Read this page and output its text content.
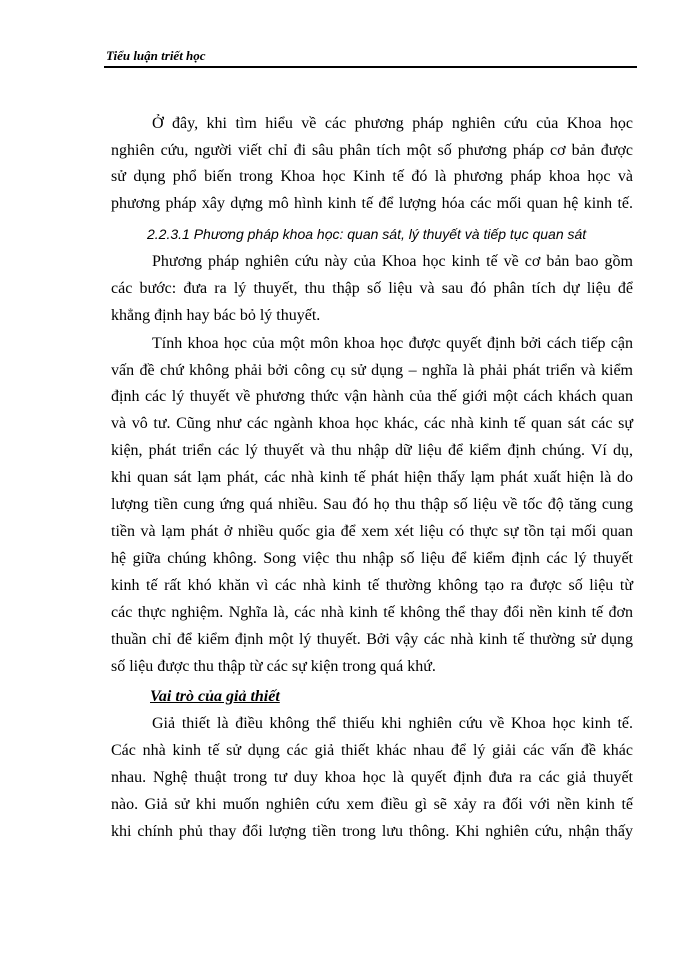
Tiểu luận triết học
Ở đây, khi tìm hiểu về các phương pháp nghiên cứu của Khoa học
nghiên cứu, người viết chỉ đi sâu phân tích một số phương pháp cơ bản được
sử dụng phổ biến trong Khoa học Kinh tế đó là phương pháp khoa học và
phương pháp xây dựng mô hình kinh tế để lượng hóa các mối quan hệ kinh tế.
2.2.3.1 Phương pháp khoa học: quan sát, lý thuyết và tiếp tục quan sát
Phương pháp nghiên cứu này của Khoa học kinh tế về cơ bản bao gồm
các bước: đưa ra lý thuyết, thu thập số liệu và sau đó phân tích dự liệu để
khẳng định hay bác bỏ lý thuyết.
Tính khoa học của một môn khoa học được quyết định bởi cách tiếp cận
vấn đề chứ không phải bởi công cụ sử dụng – nghĩa là phải phát triển và kiểm
định các lý thuyết về phương thức vận hành của thế giới một cách khách quan
và vô tư. Cũng như các ngành khoa học khác, các nhà kinh tế quan sát các sự
kiện, phát triển các lý thuyết và thu nhập dữ liệu để kiểm định chúng. Ví dụ,
khi quan sát lạm phát, các nhà kinh tế phát hiện thấy lạm phát xuất hiện là do
lượng tiền cung ứng quá nhiều. Sau đó họ thu thập số liệu về tốc độ tăng cung
tiền và lạm phát ở nhiều quốc gia để xem xét liệu có thực sự tồn tại mối quan
hệ giữa chúng không. Song việc thu nhập số liệu để kiểm định các lý thuyết
kinh tế rất khó khăn vì các nhà kinh tế thường không tạo ra được số liệu từ
các thực nghiệm. Nghĩa là, các nhà kinh tế không thể thay đổi nền kinh tế đơn
thuần chỉ để kiểm định một lý thuyết. Bởi vậy các nhà kinh tế thường sử dụng
số liệu được thu thập từ các sự kiện trong quá khứ.
Vai trò của giả thiết
Giả thiết là điều không thể thiếu khi nghiên cứu về Khoa học kinh tế.
Các nhà kinh tế sử dụng các giả thiết khác nhau để lý giải các vấn đề khác
nhau. Nghệ thuật trong tư duy khoa học là quyết định đưa ra các giả thuyết
nào. Giả sử khi muốn nghiên cứu xem điều gì sẽ xảy ra đối với nền kinh tế
khi chính phủ thay đổi lượng tiền trong lưu thông. Khi nghiên cứu, nhận thấy
